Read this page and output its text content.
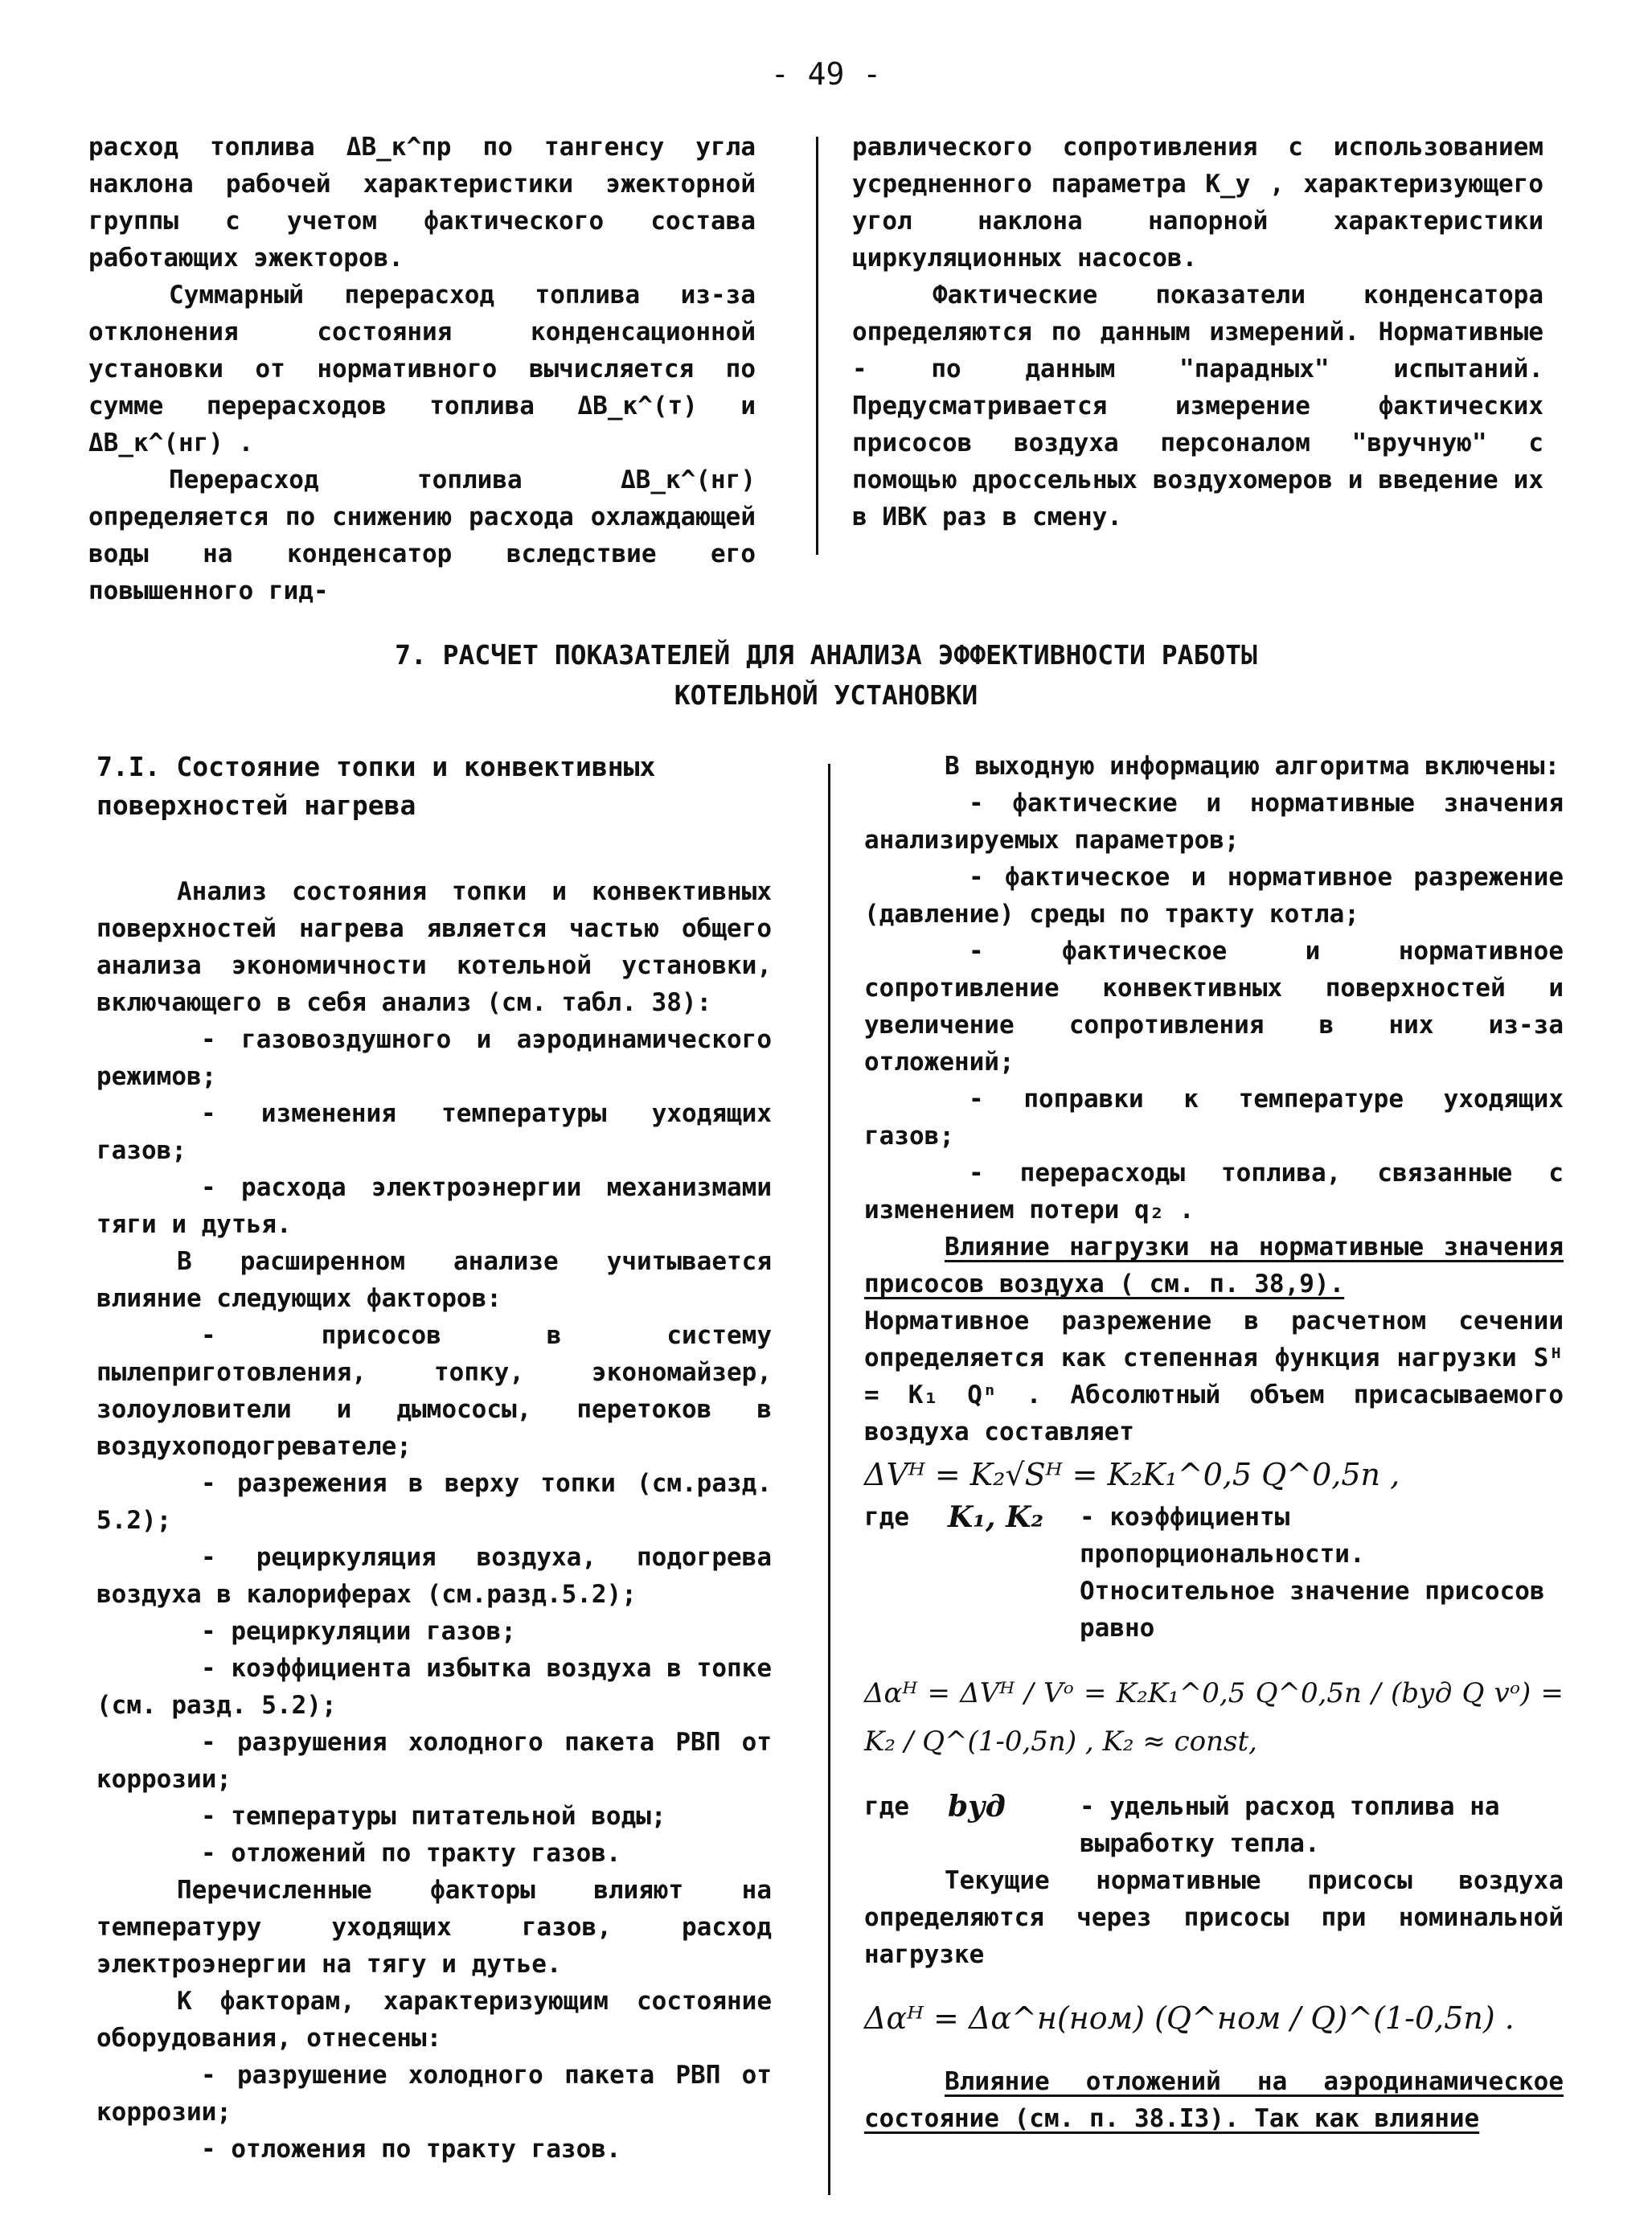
- 49 -

расход топлива ΔB_к^пр по тангенсу угла наклона рабочей характеристики эжекторной группы с учетом фактического состава работающих эжекторов.

Суммарный перерасход топлива из-за отклонения состояния конденсационной установки от нормативного вычисляется по сумме перерасходов топлива ΔB_к^(т) и ΔB_к^(нг) .

Перерасход топлива ΔB_к^(нг) определяется по снижению расхода охлаждающей воды на конденсатор вследствие его повышенного гид-

равлического сопротивления с использованием усредненного параметра K_у , характеризующего угол наклона напорной характеристики циркуляционных насосов.

Фактические показатели конденсатора определяются по данным измерений. Нормативные - по данным "парадных" испытаний. Предусматривается измерение фактических присосов воздуха персоналом "вручную" с помощью дроссельных воздухомеров и введение их в ИВК раз в смену.

7. РАСЧЕТ ПОКАЗАТЕЛЕЙ ДЛЯ АНАЛИЗА ЭФФЕКТИВНОСТИ РАБОТЫ
КОТЕЛЬНОЙ УСТАНОВКИ

7.I. Состояние топки и конвективных
поверхностей нагрева

Анализ состояния топки и конвективных поверхностей нагрева является частью общего анализа экономичности котельной установки, включающего в себя анализ (см. табл. 38):

- газовоздушного и аэродинамического режимов;

- изменения температуры уходящих газов;

- расхода электроэнергии механизмами тяги и дутья.

В расширенном анализе учитывается влияние следующих факторов:

- присосов в систему пылеприготовления, топку, экономайзер, золоуловители и дымососы, перетоков в воздухоподогревателе;

- разрежения в верху топки (см.разд. 5.2);

- рециркуляция воздуха, подогрева воздуха в калориферах (см.разд.5.2);

- рециркуляции газов;

- коэффициента избытка воздуха в топке (см. разд. 5.2);

- разрушения холодного пакета РВП от коррозии;

- температуры питательной воды;

- отложений по тракту газов.

Перечисленные факторы влияют на температуру уходящих газов, расход электроэнергии на тягу и дутье.

К факторам, характеризующим состояние оборудования, отнесены:

- разрушение холодного пакета РВП от коррозии;

- отложения по тракту газов.

В выходную информацию алгоритма включены:

- фактические и нормативные значения анализируемых параметров;

- фактическое и нормативное разрежение (давление) среды по тракту котла;

- фактическое и нормативное сопротивление конвективных поверхностей и увеличение сопротивления в них из-за отложений;

- поправки к температуре уходящих газов;

- перерасходы топлива, связанные с изменением потери q₂ .

Влияние нагрузки на нормативные значения присосов воздуха ( см. п. 38,9).

Нормативное разрежение в расчетном сечении определяется как степенная функция нагрузки Sᴴ = K₁ Qⁿ . Абсолютный объем присасываемого воздуха составляет

ΔVᴴ = K₂√Sᴴ = K₂K₁^0,5 Q^0,5n ,

где	K₁, K₂	- коэффициенты пропорциональности. Относительное значение присосов равно

Δαᴴ = ΔVᴴ / Vᵒ = K₂K₁^0,5 Q^0,5n / (bуд Q vᵒ) = K₂ / Q^(1-0,5n) , K₂ ≈ const,

где	bуд	- удельный расход топлива на выработку тепла.

Текущие нормативные присосы воздуха определяются через присосы при номинальной нагрузке

Δαᴴ = Δα^н(ном) (Q^ном / Q)^(1-0,5n) .

Влияние отложений на аэродинамическое состояние (см. п. 38.I3). Так как влияние
